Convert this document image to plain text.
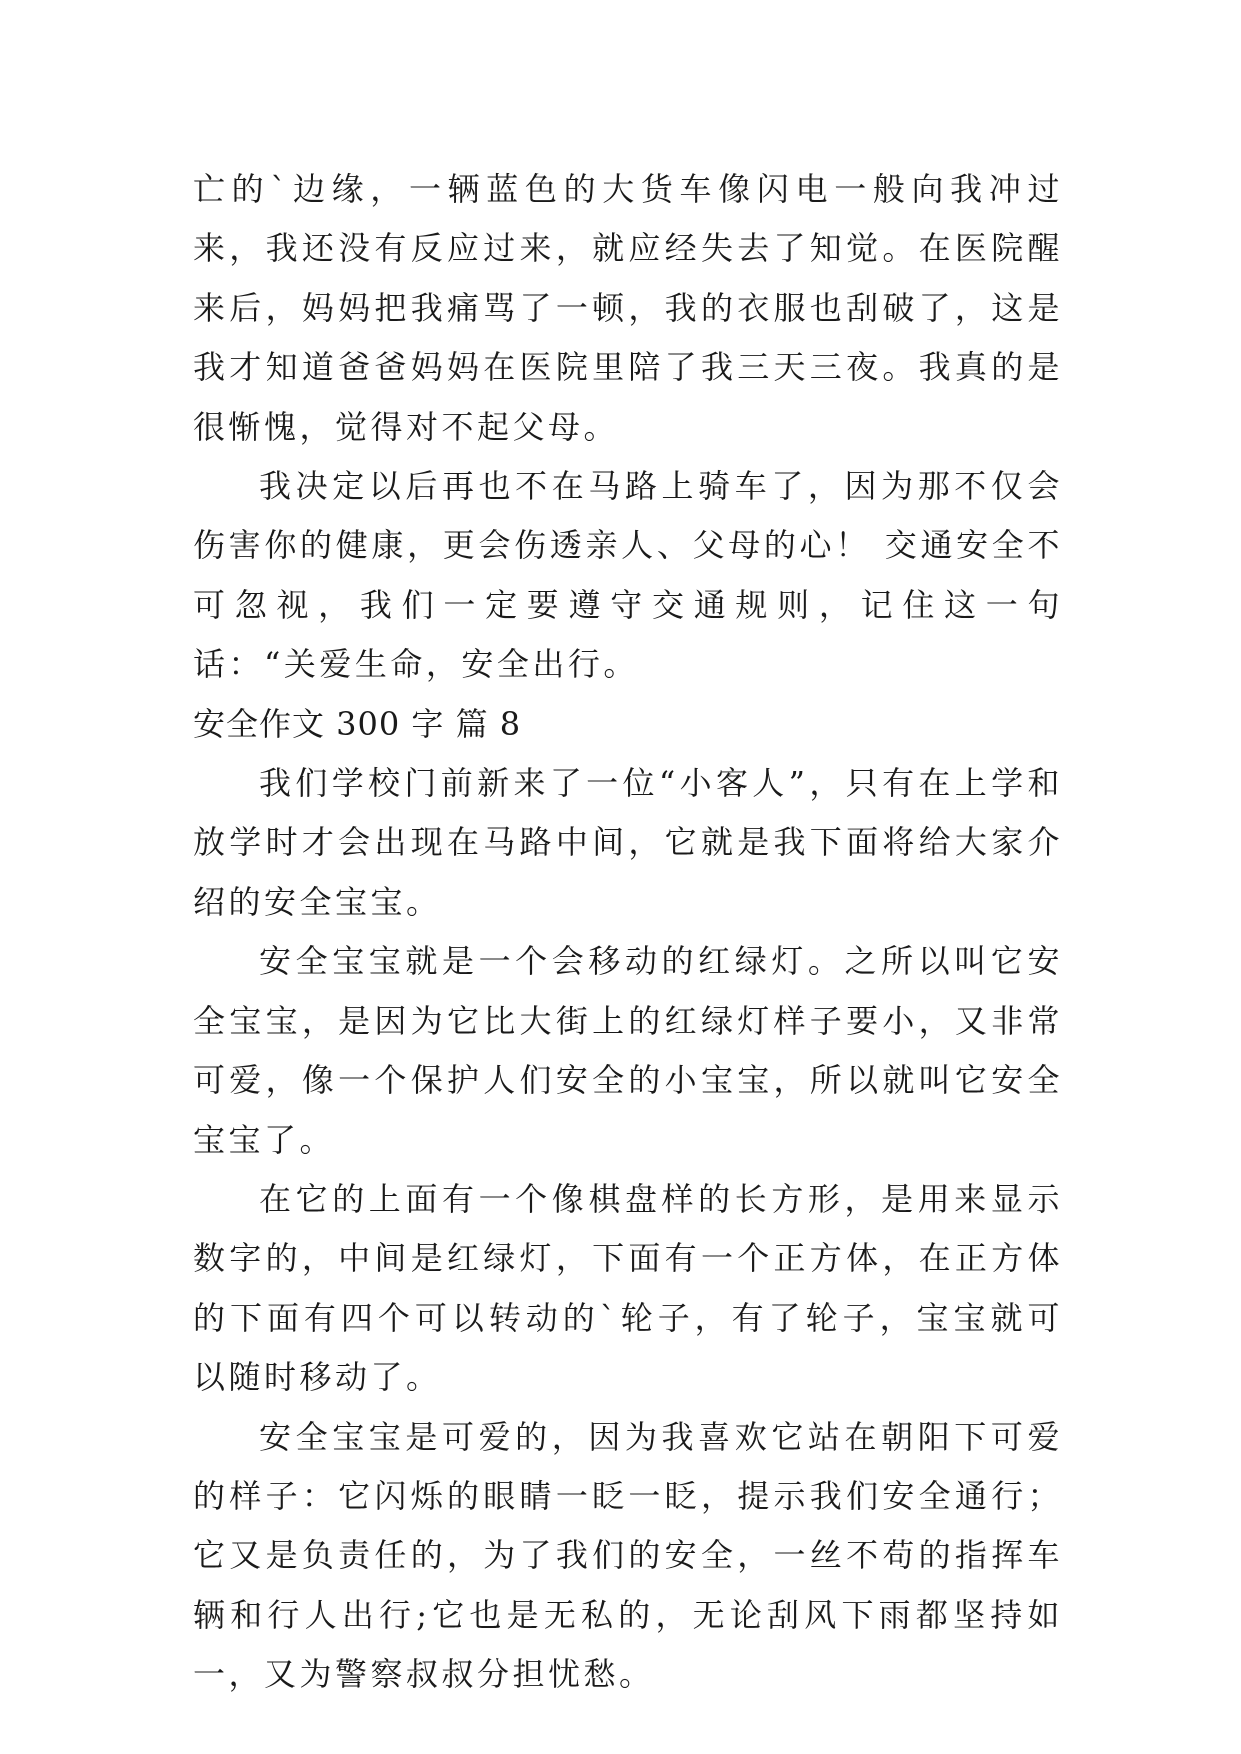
亡的`边缘，一辆蓝色的大货车像闪电一般向我冲过来，我还没有反应过来，就应经失去了知觉。在医院醒来后，妈妈把我痛骂了一顿，我的衣服也刮破了，这是我才知道爸爸妈妈在医院里陪了我三天三夜。我真的是很惭愧，觉得对不起父母。

我决定以后再也不在马路上骑车了，因为那不仅会伤害你的健康，更会伤透亲人、父母的心！ 交通安全不可忽视，我们一定要遵守交通规则，记住这一句话：“关爱生命，安全出行。

安全作文 300 字 篇 8

我们学校门前新来了一位“小客人”，只有在上学和放学时才会出现在马路中间，它就是我下面将给大家介绍的安全宝宝。

安全宝宝就是一个会移动的红绿灯。之所以叫它安全宝宝，是因为它比大街上的红绿灯样子要小，又非常可爱，像一个保护人们安全的小宝宝，所以就叫它安全宝宝了。

在它的上面有一个像棋盘样的长方形，是用来显示数字的，中间是红绿灯，下面有一个正方体，在正方体的下面有四个可以转动的`轮子，有了轮子，宝宝就可以随时移动了。

安全宝宝是可爱的，因为我喜欢它站在朝阳下可爱的样子：它闪烁的眼睛一眨一眨，提示我们安全通行；它又是负责任的，为了我们的安全，一丝不苟的指挥车辆和行人出行;它也是无私的，无论刮风下雨都坚持如一，又为警察叔叔分担忧愁。
